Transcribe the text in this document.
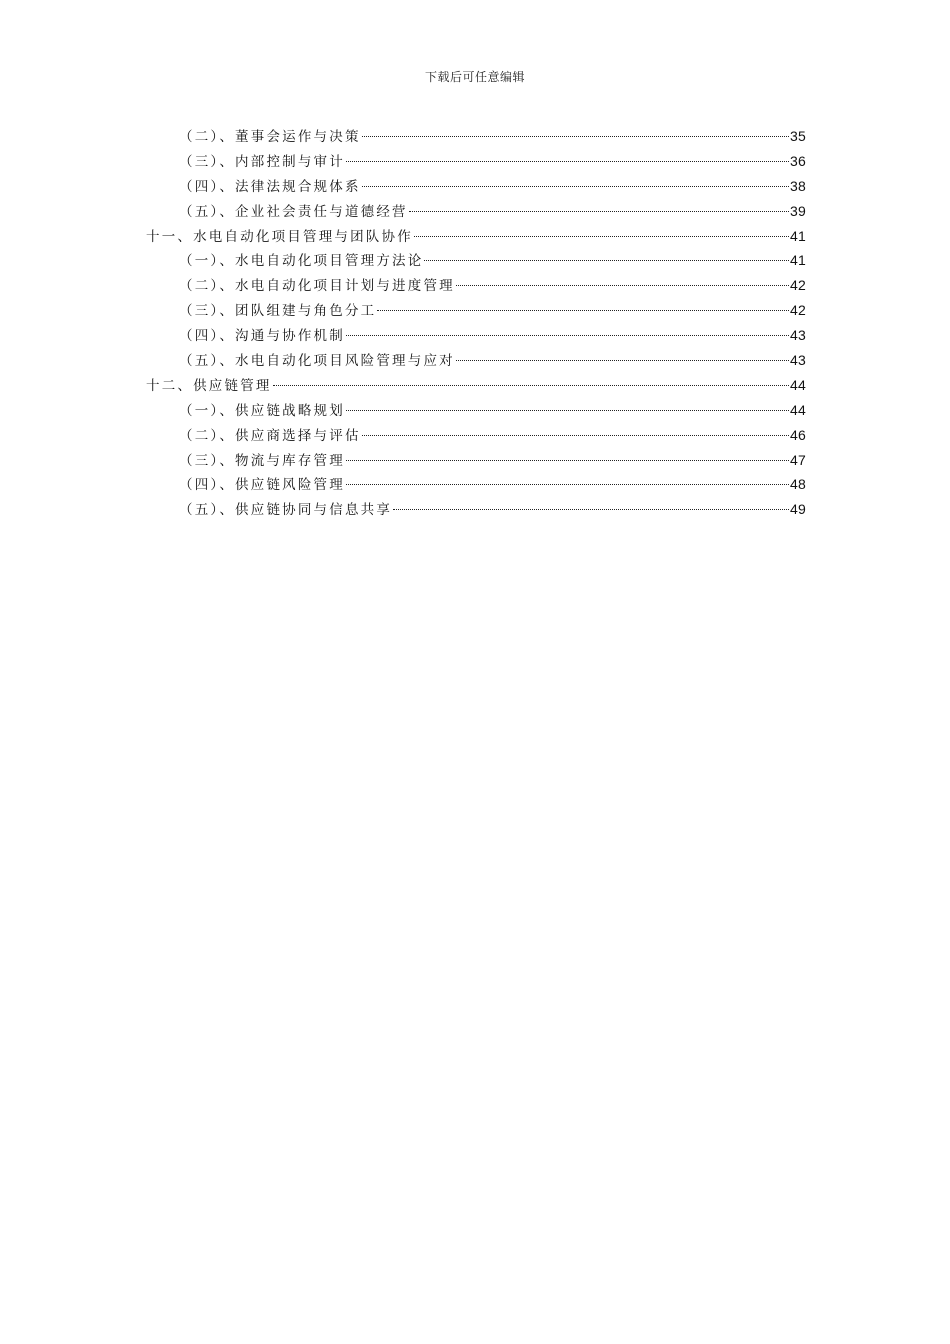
下载后可任意编辑
（二）、董事会运作与决策	35
（三）、内部控制与审计	36
（四）、法律法规合规体系	38
（五）、企业社会责任与道德经营	39
十一、水电自动化项目管理与团队协作	41
（一）、水电自动化项目管理方法论	41
（二）、水电自动化项目计划与进度管理	42
（三）、团队组建与角色分工	42
（四）、沟通与协作机制	43
（五）、水电自动化项目风险管理与应对	43
十二、供应链管理	44
（一）、供应链战略规划	44
（二）、供应商选择与评估	46
（三）、物流与库存管理	47
（四）、供应链风险管理	48
（五）、供应链协同与信息共享	49
